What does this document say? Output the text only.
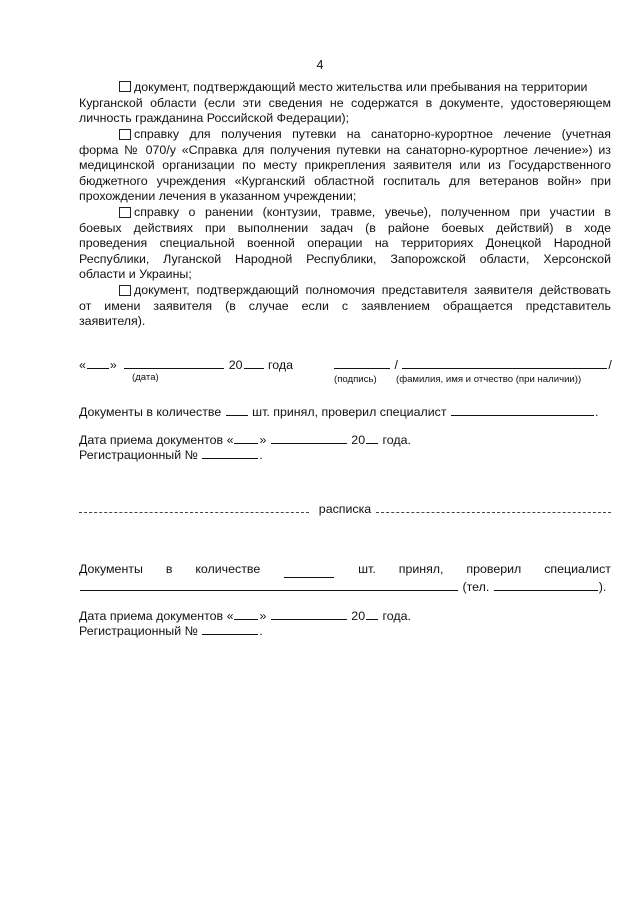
4
документ, подтверждающий место жительства или пребывания на территории
Курганской области (если эти сведения не содержатся в документе, удостоверяющем
личность гражданина Российской Федерации);
справку для получения путевки на санаторно-курортное лечение (учетная
форма № 070/у «Справка для получения путевки на санаторно-курортное лечение») из
медицинской организации по месту прикрепления заявителя или из Государственного
бюджетного учреждения «Курганский областной госпиталь для ветеранов войн» при
прохождении лечения в указанном учреждении;
справку о ранении (контузии, травме, увечье), полученном при участии в
боевых действиях при выполнении задач (в районе боевых действий) в ходе
проведения специальной военной операции на территориях Донецкой Народной
Республики, Луганской Народной Республики, Запорожской области, Херсонской
области и Украины;
документ, подтверждающий полномочия представителя заявителя действовать
от имени заявителя (в случае если с заявлением обращается представитель
заявителя).
« »	20 года	/	/
(дата)	(подпись) (фамилия, имя и отчество (при наличии))
Документы в количестве шт. принял, проверил специалист	.
Дата приема документов « »	20 года.
Регистрационный №	.
расписка
Документы в количестве	шт. принял, проверил специалист
(тел.	).
Дата приема документов « »	20 года.
Регистрационный №	.
